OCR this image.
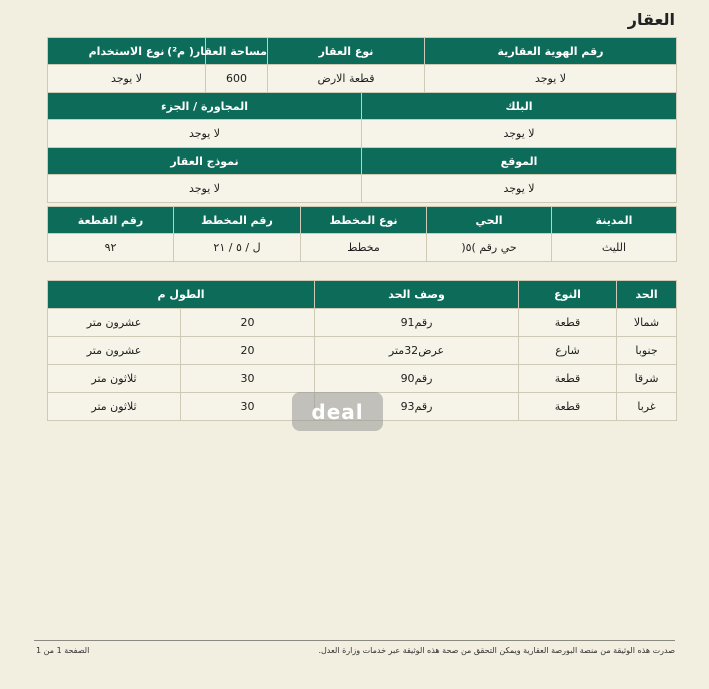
العقار
رقم الهوية العقارية	نوع العقار		مساحة العقار( م²)	نوع الاستخدام
لا يوجد	قطعة الارض		600	لا يوجد
البلك		المجاورة / الجزء		
لا يوجد		لا يوجد		
الموقع		نموذج العقار		
لا يوجد		لا يوجد		
المدينة	الحي	نوع المخطط	رقم المخطط	رقم القطعة
الليث	حي رقم )٥(	مخطط	ل / ٥ / ٢١	٩٢
الحد	النوع	وصف الحد	الطول م	
شمالا	قطعة	رقم91	20	عشرون متر
جنوبا	شارع	عرض32متر	20	عشرون متر
شرقا	قطعة	رقم90	30	ثلاثون متر
غربا	قطعة	رقم93	30	ثلاثون متر	deal
صدرت هذه الوثيقة من منصة البورصة العقارية ويمكن التحقق من صحة هذه الوثيقة عبر خدمات وزارة العدل.
الصفحة 1 من 1
